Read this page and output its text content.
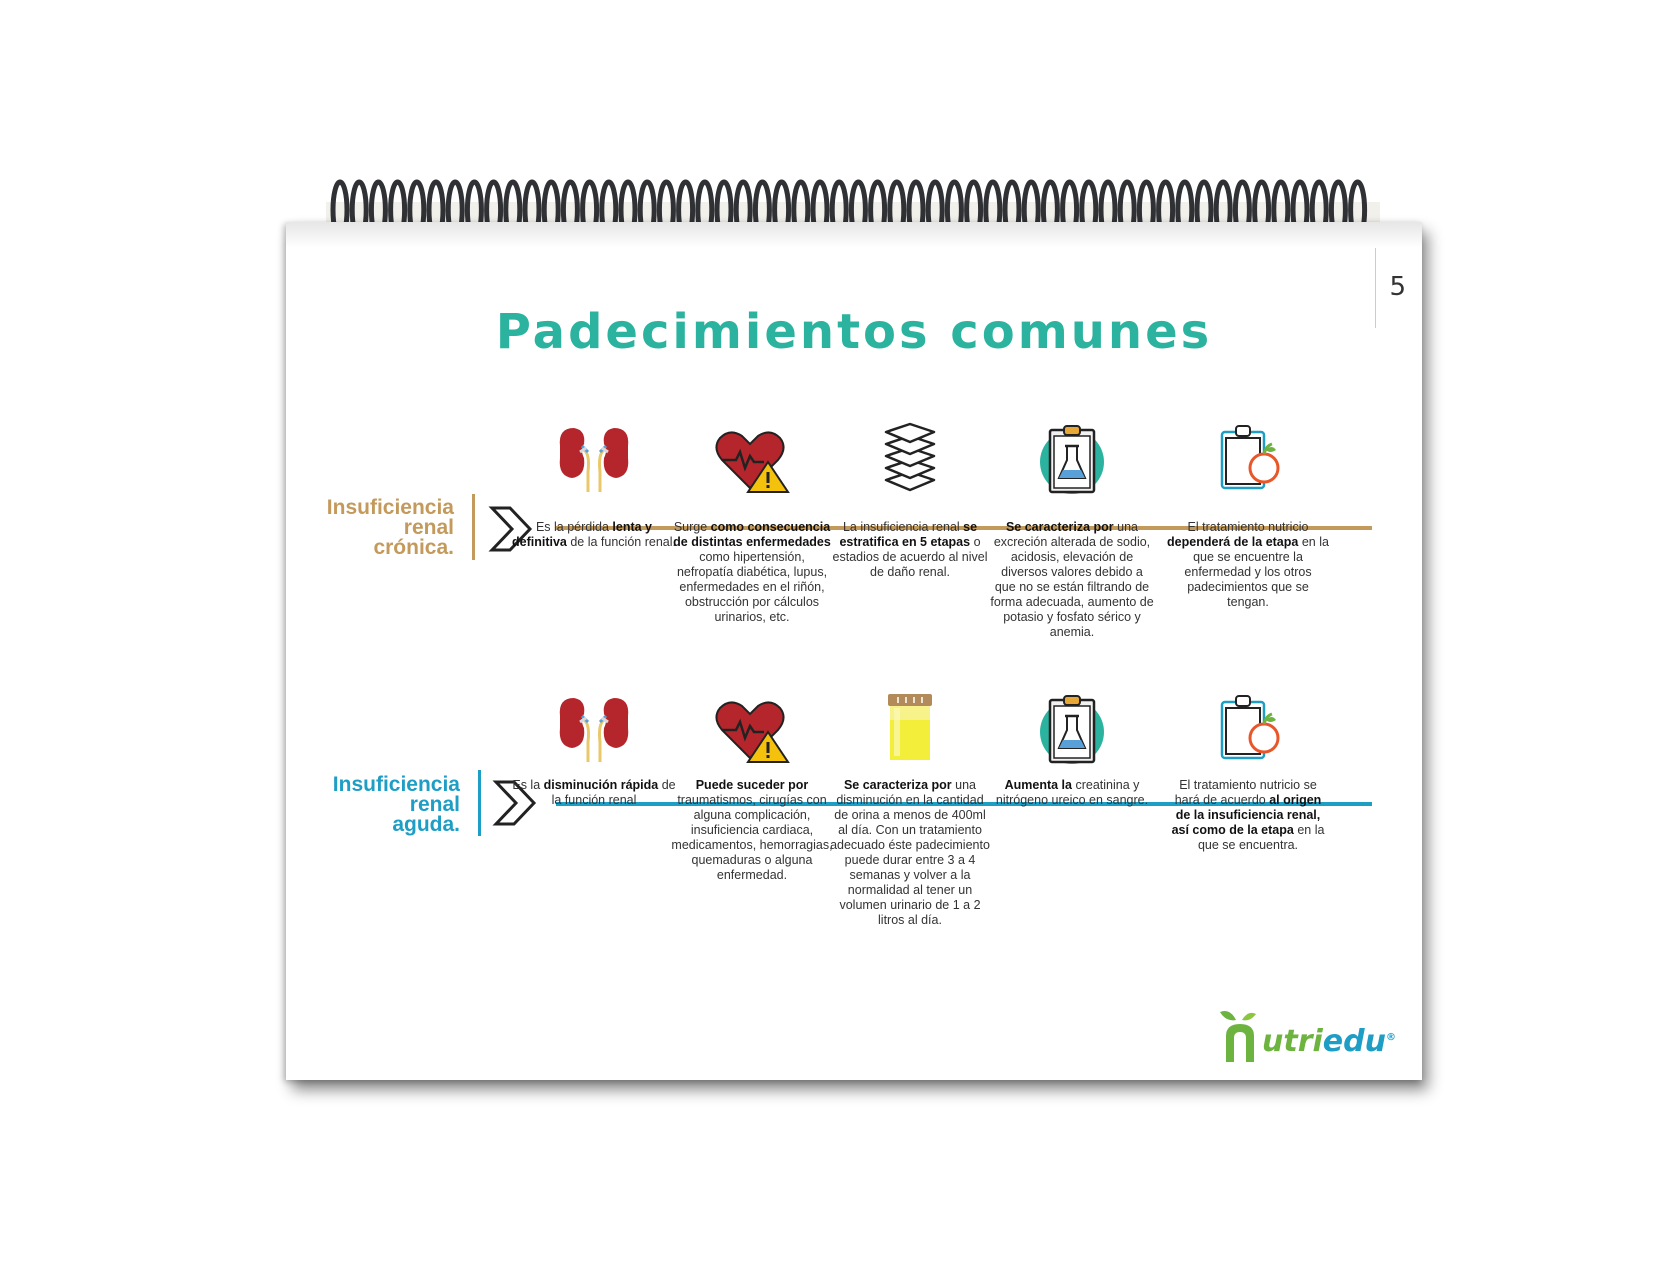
5
Padecimientos comunes
Insuficiencia
renal
crónica.
Insuficiencia
renal
aguda.
Es la pérdida lenta y definitiva de la función renal.
Surge como consecuencia de distintas enfermedades como hipertensión, nefropatía diabética, lupus, enfermedades en el riñón, obstrucción por cálculos urinarios, etc.
La insuficiencia renal se estratifica en 5 etapas o estadios de acuerdo al nivel de daño renal.
Se caracteriza por una excreción alterada de sodio, acidosis, elevación de diversos valores debido a que no se están filtrando de forma adecuada, aumento de potasio y fosfato sérico y anemia.
El tratamiento nutricio dependerá de la etapa en la que se encuentre la enfermedad y los otros padecimientos que se tengan.
Es la disminución rápida de la función renal
Puede suceder por traumatismos, cirugías con alguna complicación, insuficiencia cardiaca, medicamentos, hemorragias, quemaduras o alguna enfermedad.
Se caracteriza por una disminución en la cantidad de orina a menos de 400ml al día. Con un tratamiento adecuado éste padecimiento puede durar entre 3 a 4 semanas y volver a la normalidad al tener un volumen urinario de 1 a 2 litros al día.
Aumenta la creatinina y nitrógeno ureico en sangre.
El tratamiento nutricio se hará de acuerdo al origen de la insuficiencia renal, así como de la etapa en la que se encuentra.
utriedu®
